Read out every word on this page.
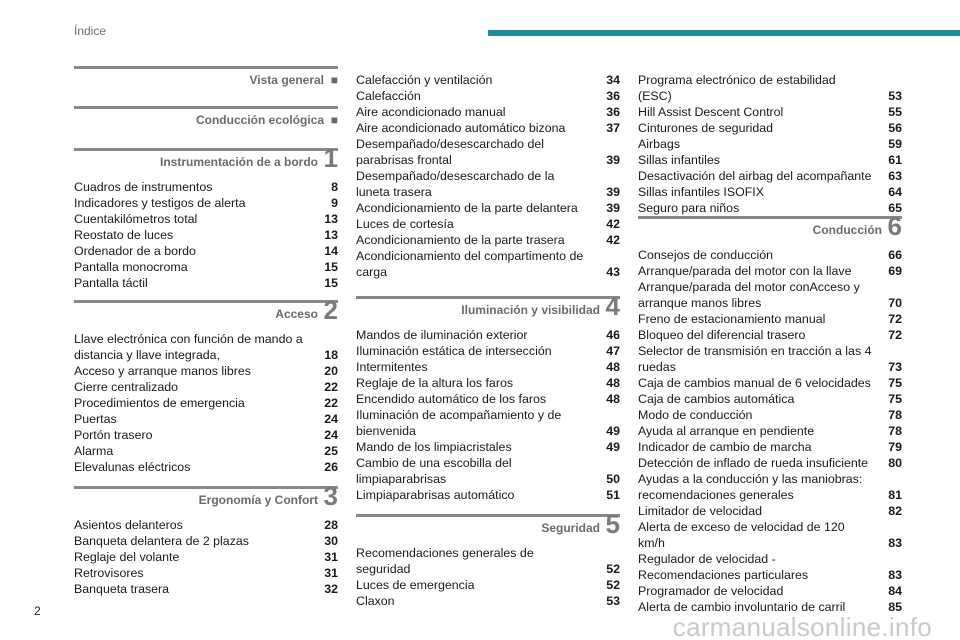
Índice
Vista general ■
Conducción ecológica ■
Instrumentación de a bordo 1
Cuadros de instrumentos	8
Indicadores y testigos de alerta	9
Cuentakilómetros total	13
Reostato de luces	13
Ordenador de a bordo	14
Pantalla monocroma	15
Pantalla táctil	15
Acceso 2
Llave electrónica con función de mando a distancia y llave integrada,	18
Acceso y arranque manos libres	20
Cierre centralizado	22
Procedimientos de emergencia	22
Puertas	24
Portón trasero	24
Alarma	25
Elevalunas eléctricos	26
Ergonomía y Confort 3
Asientos delanteros	28
Banqueta delantera de 2 plazas	30
Reglaje del volante	31
Retrovisores	31
Banqueta trasera	32
Calefacción y ventilación	34
Calefacción	36
Aire acondicionado manual	36
Aire acondicionado automático bizona	37
Desempañado/desescarchado del parabrisas frontal	39
Desempañado/desescarchado de la luneta trasera	39
Acondicionamiento de la parte delantera	39
Luces de cortesía	42
Acondicionamiento de la parte trasera	42
Acondicionamiento del compartimento de carga	43
Iluminación y visibilidad 4
Mandos de iluminación exterior	46
Iluminación estática de intersección	47
Intermitentes	48
Reglaje de la altura los faros	48
Encendido automático de los faros	48
Iluminación de acompañamiento y de bienvenida	49
Mando de los limpiacristales	49
Cambio de una escobilla del limpiaparabrisas	50
Limpiaparabrisas automático	51
Seguridad 5
Recomendaciones generales de seguridad	52
Luces de emergencia	52
Claxon	53
Programa electrónico de estabilidad (ESC)	53
Hill Assist Descent Control	55
Cinturones de seguridad	56
Airbags	59
Sillas infantiles	61
Desactivación del airbag del acompañante	63
Sillas infantiles ISOFIX	64
Seguro para niños	65
Conducción 6
Consejos de conducción	66
Arranque/parada del motor con la llave	69
Arranque/parada del motor conAcceso y arranque manos libres	70
Freno de estacionamiento manual	72
Bloqueo del diferencial trasero	72
Selector de transmisión en tracción a las 4 ruedas	73
Caja de cambios manual de 6 velocidades	75
Caja de cambios automática	75
Modo de conducción	78
Ayuda al arranque en pendiente	78
Indicador de cambio de marcha	79
Detección de inflado de rueda insuficiente	80
Ayudas a la conducción y las maniobras: recomendaciones generales	81
Limitador de velocidad	82
Alerta de exceso de velocidad de 120 km/h	83
Regulador de velocidad - Recomendaciones particulares	83
Programador de velocidad	84
Alerta de cambio involuntario de carril	85
2
carmanualsonline.info
